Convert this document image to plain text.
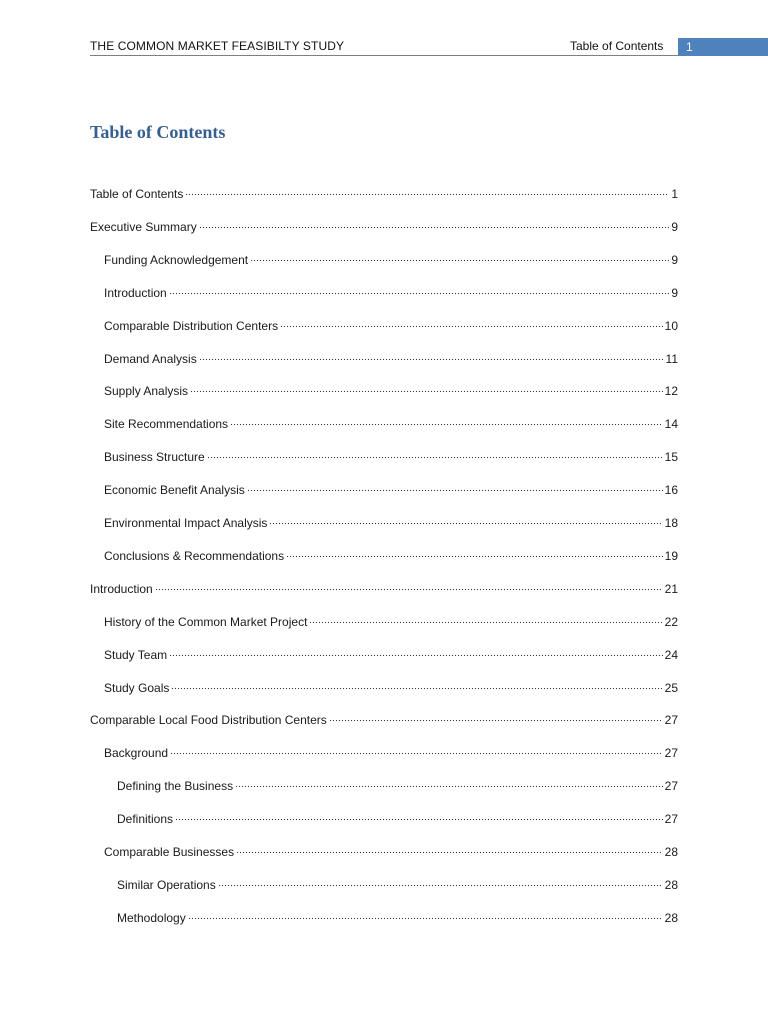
THE COMMON MARKET FEASIBILTY STUDY	Table of Contents	1
Table of Contents
Table of Contents	1
Executive Summary	9
Funding Acknowledgement	9
Introduction	9
Comparable Distribution Centers	10
Demand Analysis	11
Supply Analysis	12
Site Recommendations	14
Business Structure	15
Economic Benefit Analysis	16
Environmental Impact Analysis	18
Conclusions & Recommendations	19
Introduction	21
History of the Common Market Project	22
Study Team	24
Study Goals	25
Comparable Local Food Distribution Centers	27
Background	27
Defining the Business	27
Definitions	27
Comparable Businesses	28
Similar Operations	28
Methodology	28
